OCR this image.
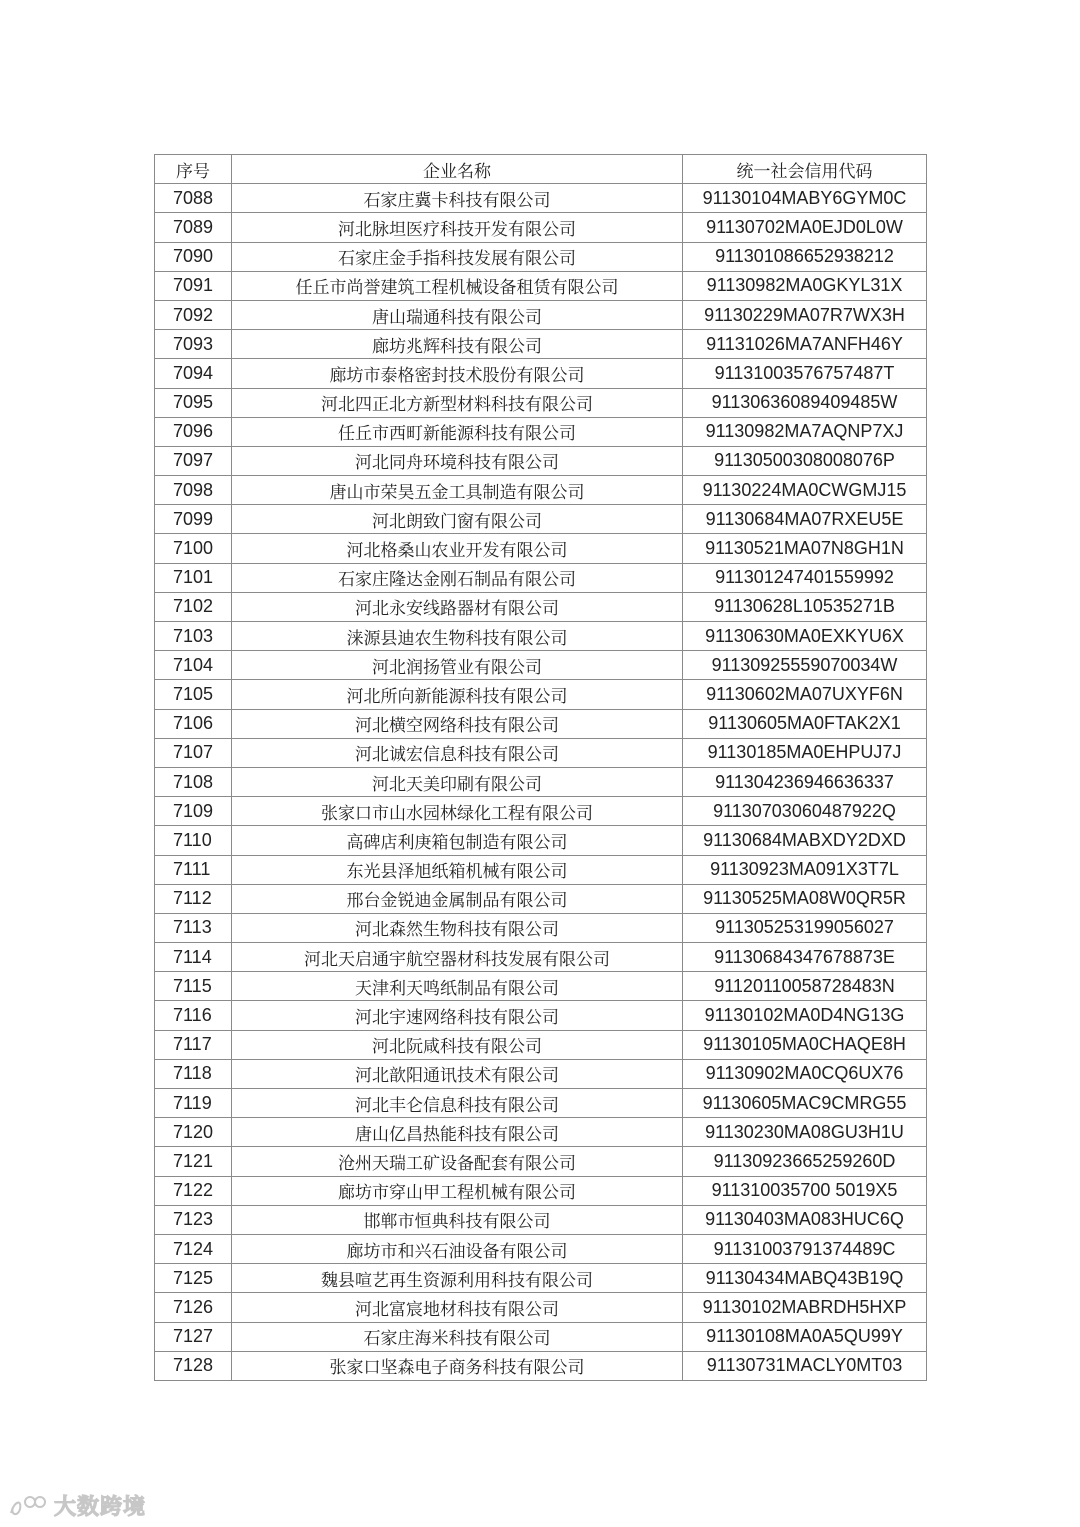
序号	企业名称	统一社会信用代码
7088	石家庄冀卡科技有限公司	91130104MABY6GYM0C
7089	河北脉坦医疗科技开发有限公司	91130702MA0EJD0L0W
7090	石家庄金手指科技发展有限公司	911301086652938212
7091	任丘市尚誉建筑工程机械设备租赁有限公司	91130982MA0GKYL31X
7092	唐山瑞通科技有限公司	91130229MA07R7WX3H
7093	廊坊兆辉科技有限公司	91131026MA7ANFH46Y
7094	廊坊市泰格密封技术股份有限公司	91131003576757487T
7095	河北四正北方新型材料科技有限公司	91130636089409485W
7096	任丘市西町新能源科技有限公司	91130982MA7AQNP7XJ
7097	河北同舟环境科技有限公司	91130500308008076P
7098	唐山市荣昊五金工具制造有限公司	91130224MA0CWGMJ15
7099	河北朗致门窗有限公司	91130684MA07RXEU5E
7100	河北格桑山农业开发有限公司	91130521MA07N8GH1N
7101	石家庄隆达金刚石制品有限公司	911301247401559992
7102	河北永安线路器材有限公司	91130628L10535271B
7103	涞源县迪农生物科技有限公司	91130630MA0EXKYU6X
7104	河北润扬管业有限公司	91130925559070034W
7105	河北所向新能源科技有限公司	91130602MA07UXYF6N
7106	河北横空网络科技有限公司	91130605MA0FTAK2X1
7107	河北诚宏信息科技有限公司	91130185MA0EHPUJ7J
7108	河北天美印刷有限公司	911304236946636337
7109	张家口市山水园林绿化工程有限公司	91130703060487922Q
7110	高碑店利庚箱包制造有限公司	91130684MABXDY2DXD
7111	东光县泽旭纸箱机械有限公司	91130923MA091X3T7L
7112	邢台金锐迪金属制品有限公司	91130525MA08W0QR5R
7113	河北森然生物科技有限公司	911305253199056027
7114	河北天启通宇航空器材科技发展有限公司	91130684347678873E
7115	天津利天鸣纸制品有限公司	91120110058728483N
7116	河北宇速网络科技有限公司	91130102MA0D4NG13G
7117	河北阮咸科技有限公司	91130105MA0CHAQE8H
7118	河北歆阳通讯技术有限公司	91130902MA0CQ6UX76
7119	河北丰仑信息科技有限公司	91130605MAC9CMRG55
7120	唐山亿昌热能科技有限公司	91130230MA08GU3H1U
7121	沧州天瑞工矿设备配套有限公司	91130923665259260D
7122	廊坊市穿山甲工程机械有限公司	911310035700 5019X5
7123	邯郸市恒典科技有限公司	91130403MA083HUC6Q
7124	廊坊市和兴石油设备有限公司	91131003791374489C
7125	魏县喧艺再生资源利用科技有限公司	91130434MABQ43B19Q
7126	河北富宸地材科技有限公司	91130102MABRDH5HXP
7127	石家庄海米科技有限公司	91130108MA0A5QU99Y
7128	张家口坚森电子商务科技有限公司	91130731MACLY0MT03
大数跨境
